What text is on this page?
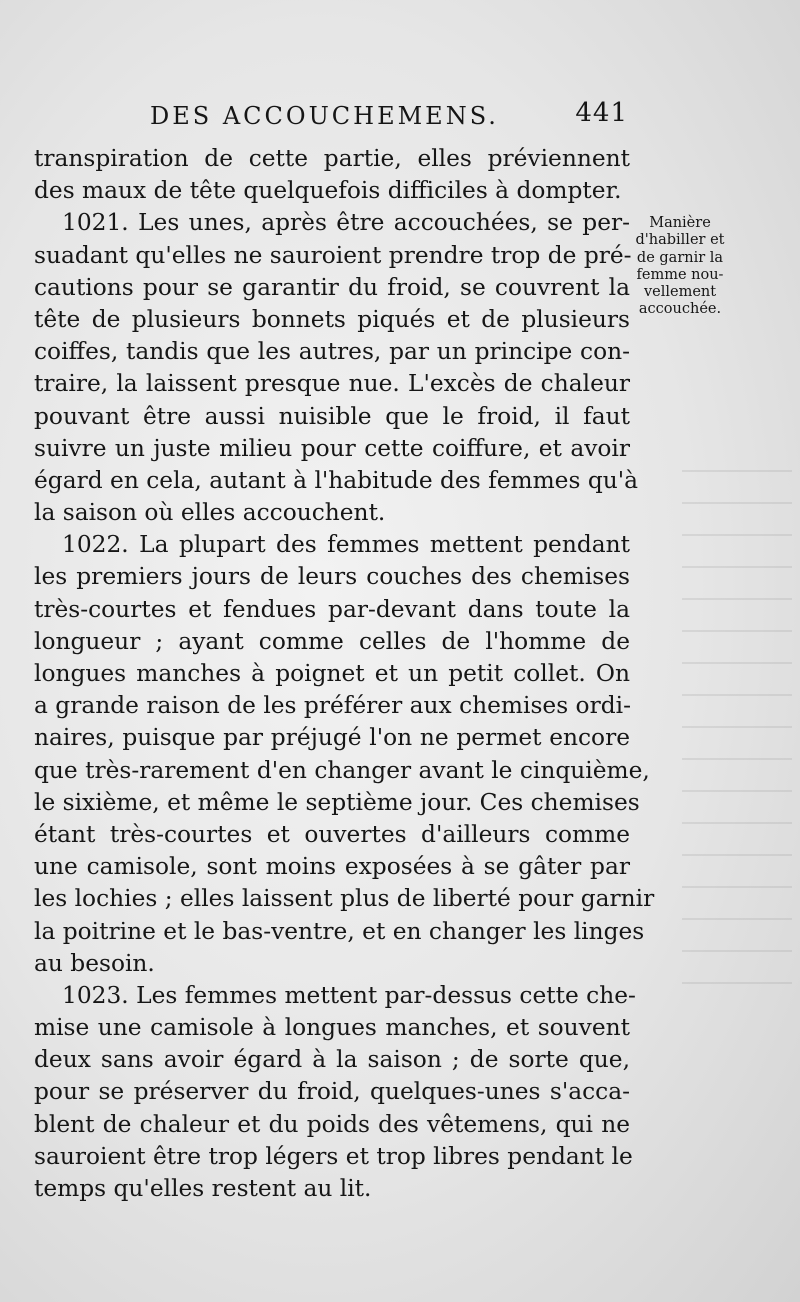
DES ACCOUCHEMENS.	441
Manière
d'habiller et
de garnir la
femme nou-
vellement
accouchée.
transpiration de cette partie, elles préviennent
des maux de tête quelquefois difficiles à dompter.
1021. Les unes, après être accouchées, se per-
suadant qu'elles ne sauroient prendre trop de pré-
cautions pour se garantir du froid, se couvrent la
tête de plusieurs bonnets piqués et de plusieurs
coiffes, tandis que les autres, par un principe con-
traire, la laissent presque nue. L'excès de chaleur
pouvant être aussi nuisible que le froid, il faut
suivre un juste milieu pour cette coiffure, et avoir
égard en cela, autant à l'habitude des femmes qu'à
la saison où elles accouchent.
1022. La plupart des femmes mettent pendant
les premiers jours de leurs couches des chemises
très-courtes et fendues par-devant dans toute la
longueur ; ayant comme celles de l'homme de
longues manches à poignet et un petit collet. On
a grande raison de les préférer aux chemises ordi-
naires, puisque par préjugé l'on ne permet encore
que très-rarement d'en changer avant le cinquième,
le sixième, et même le septième jour. Ces chemises
étant très-courtes et ouvertes d'ailleurs comme
une camisole, sont moins exposées à se gâter par
les lochies ; elles laissent plus de liberté pour garnir
la poitrine et le bas-ventre, et en changer les linges
au besoin.
1023. Les femmes mettent par-dessus cette che-
mise une camisole à longues manches, et souvent
deux sans avoir égard à la saison ; de sorte que,
pour se préserver du froid, quelques-unes s'acca-
blent de chaleur et du poids des vêtemens, qui ne
sauroient être trop légers et trop libres pendant le
temps qu'elles restent au lit.
